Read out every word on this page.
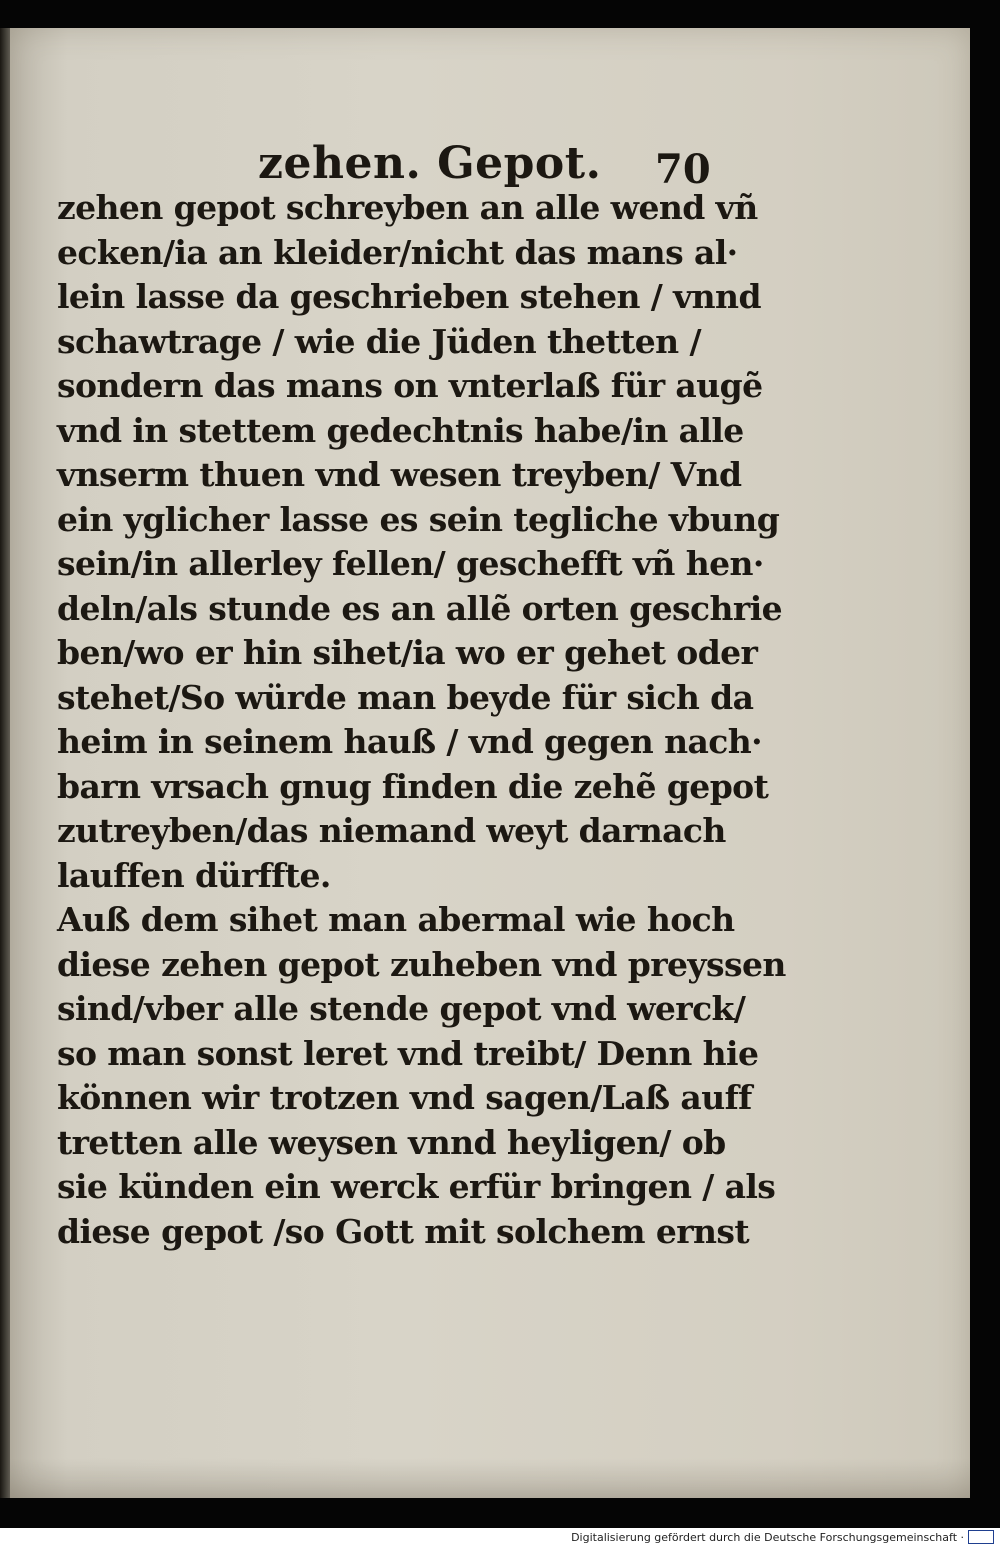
zehen. Gepot. 70
zehen gepot schreyben an alle wend vñ
ecken/ia an kleider/nicht das mans al·
lein lasse da geschrieben stehen / vnnd
schawtrage / wie die Jüden thetten /
sondern das mans on vnterlaß für augẽ
vnd in stettem gedechtnis habe/in alle
vnserm thuen vnd wesen treyben/ Vnd
ein yglicher lasse es sein tegliche vbung
sein/in allerley fellen/ geschefft vñ hen·
deln/als stunde es an allẽ orten geschrie
ben/wo er hin sihet/ia wo er gehet oder
stehet/So würde man beyde für sich da
heim in seinem hauß / vnd gegen nach·
barn vrsach gnug finden die zehẽ gepot
zutreyben/das niemand weyt darnach
lauffen dürffte.
Auß dem sihet man abermal wie hoch
diese zehen gepot zuheben vnd preyssen
sind/vber alle stende gepot vnd werck/
so man sonst leret vnd treibt/ Denn hie
können wir trotzen vnd sagen/Laß auff
tretten alle weysen vnnd heyligen/ ob
sie künden ein werck erfür bringen / als
diese gepot /so Gott mit solchem ernst
Digitalisierung gefördert durch die Deutsche Forschungsgemeinschaft ·
